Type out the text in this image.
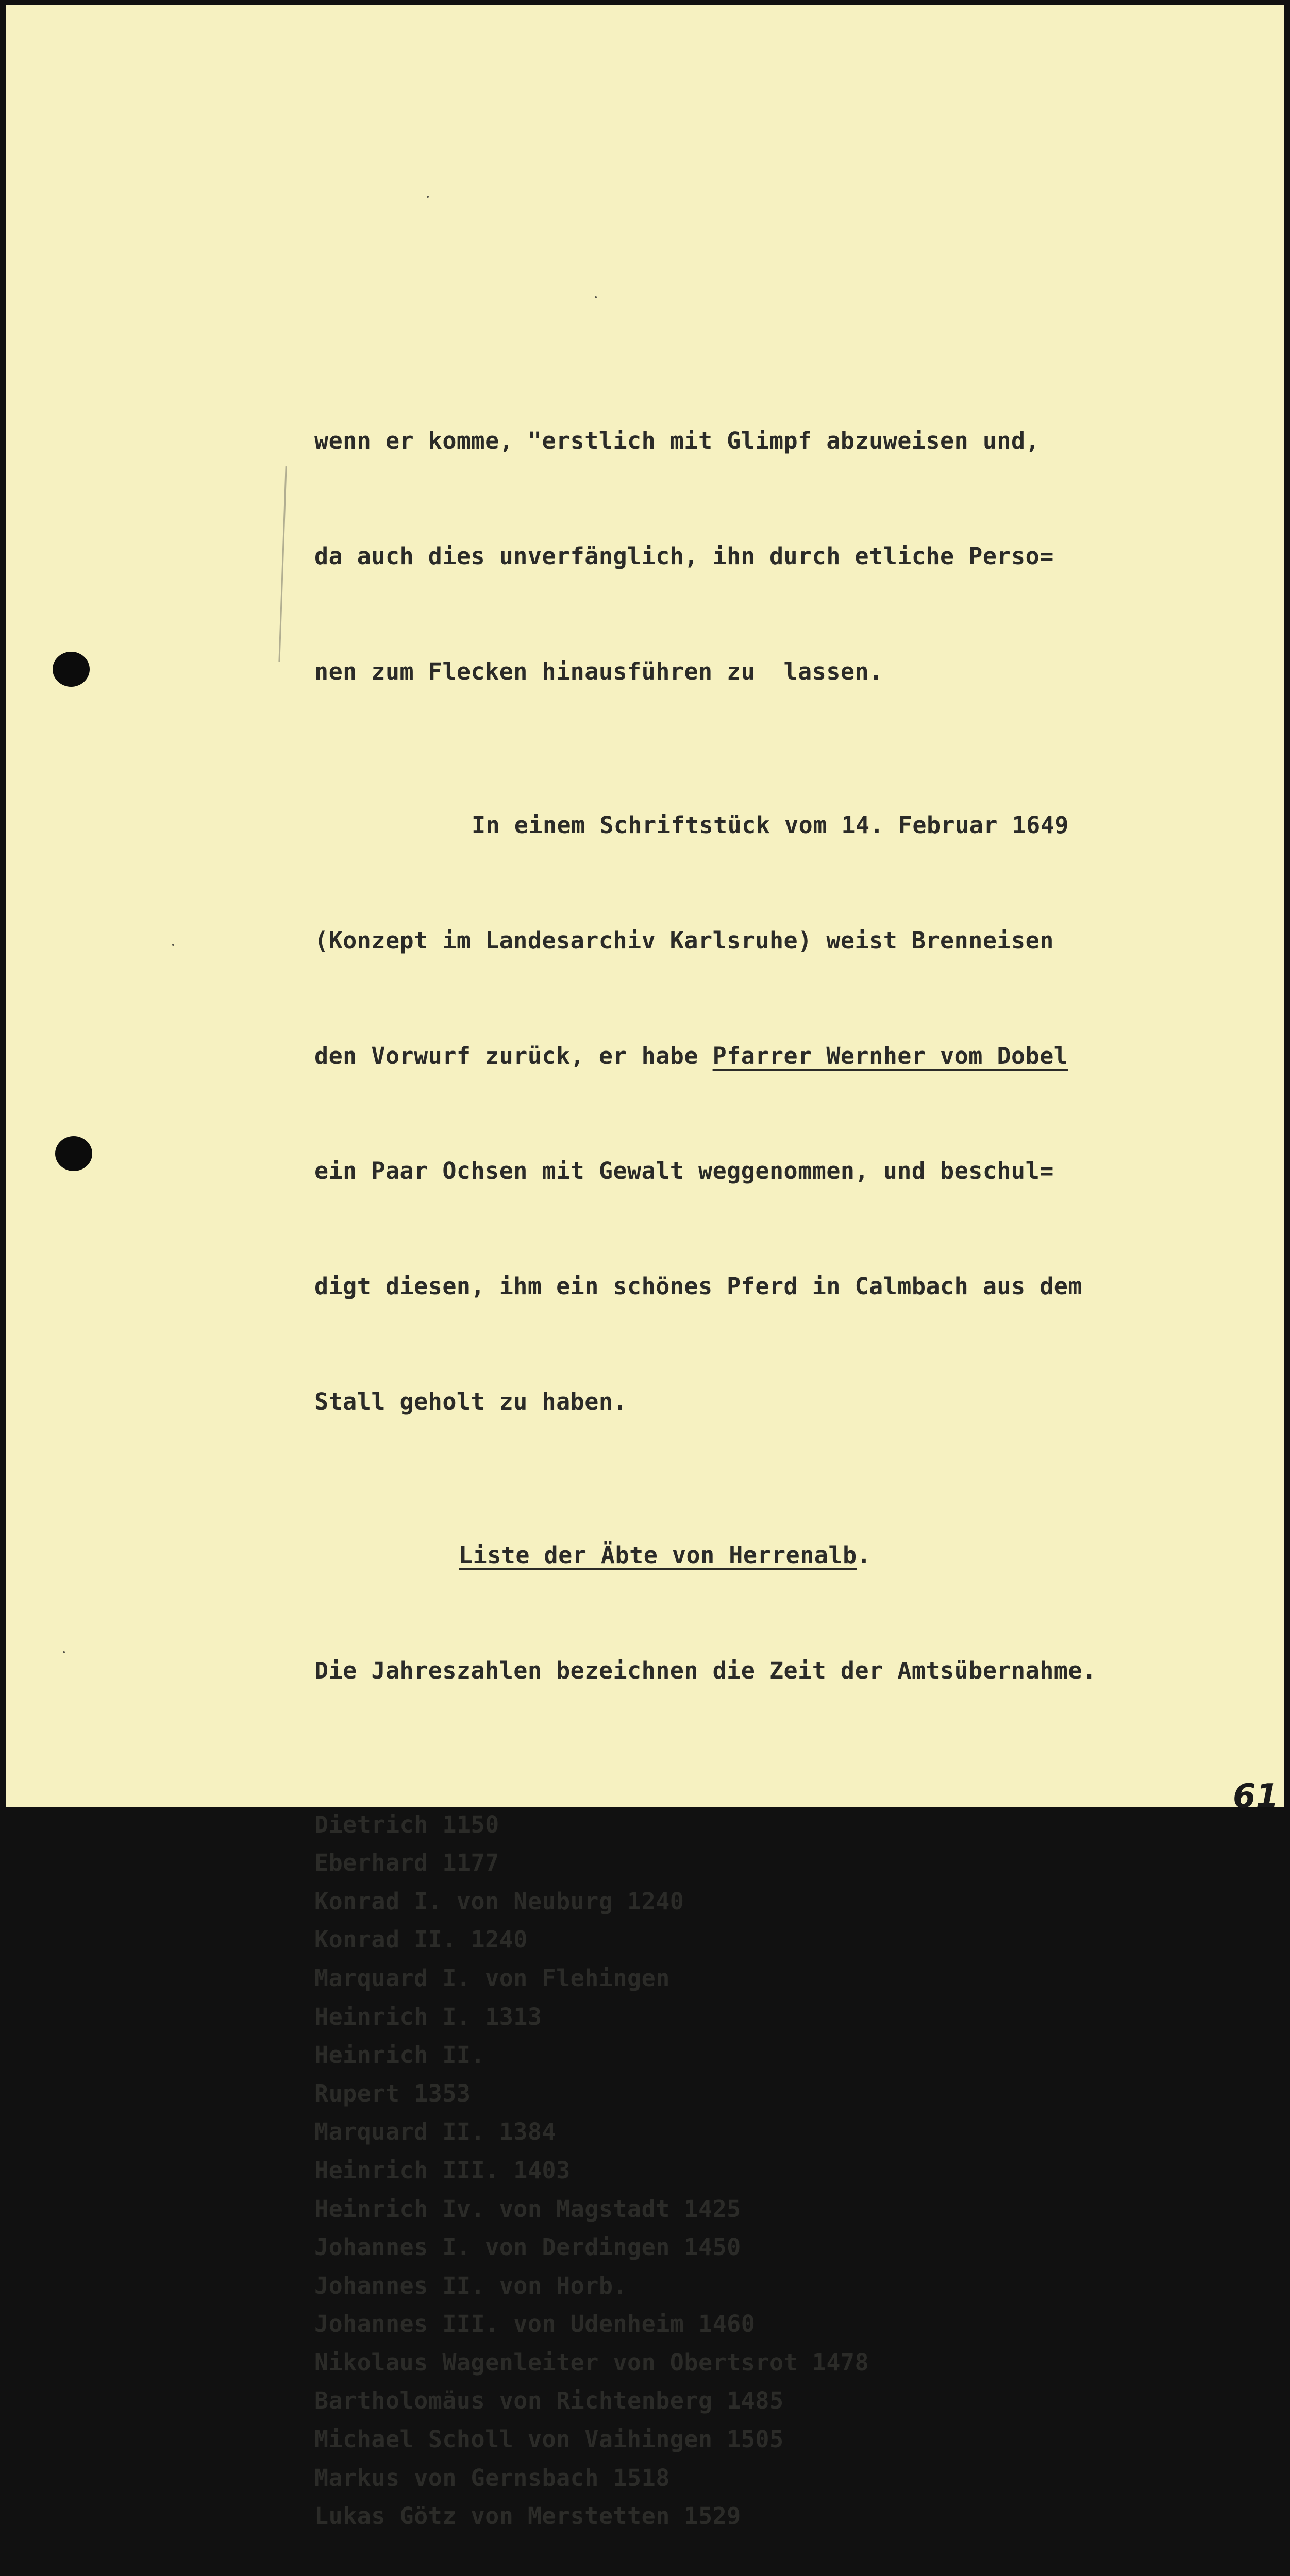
wenn er komme, "erstlich mit Glimpf abzuweisen und,

da auch dies unverfänglich, ihn durch etliche Perso=

nen zum Flecken hinausführen zu  lassen.

In einem Schriftstück vom 14. Februar 1649

(Konzept im Landesarchiv Karlsruhe) weist Brenneisen

den Vorwurf zurück, er habe Pfarrer Wernher vom Dobel

ein Paar Ochsen mit Gewalt weggenommen, und beschul=

digt diesen, ihm ein schönes Pferd in Calmbach aus dem

Stall geholt zu haben.

Liste der Äbte von Herrenalb.

Die Jahreszahlen bezeichnen die Zeit der Amtsübernahme.

Dietrich 1150
Eberhard 1177
Konrad I. von Neuburg 1240
Konrad II. 1240
Marquard I. von Flehingen
Heinrich I. 1313
Heinrich II.
Rupert 1353
Marquard II. 1384
Heinrich III. 1403
Heinrich Iv. von Magstadt 1425
Johannes I. von Derdingen 1450
Johannes II. von Horb.
Johannes III. von Udenheim 1460
Nikolaus Wagenleiter von Obertsrot 1478
Bartholomäus von Richtenberg 1485
Michael Scholl von Vaihingen 1505
Markus von Gernsbach 1518
Lukas Götz von Merstetten 1529

61
